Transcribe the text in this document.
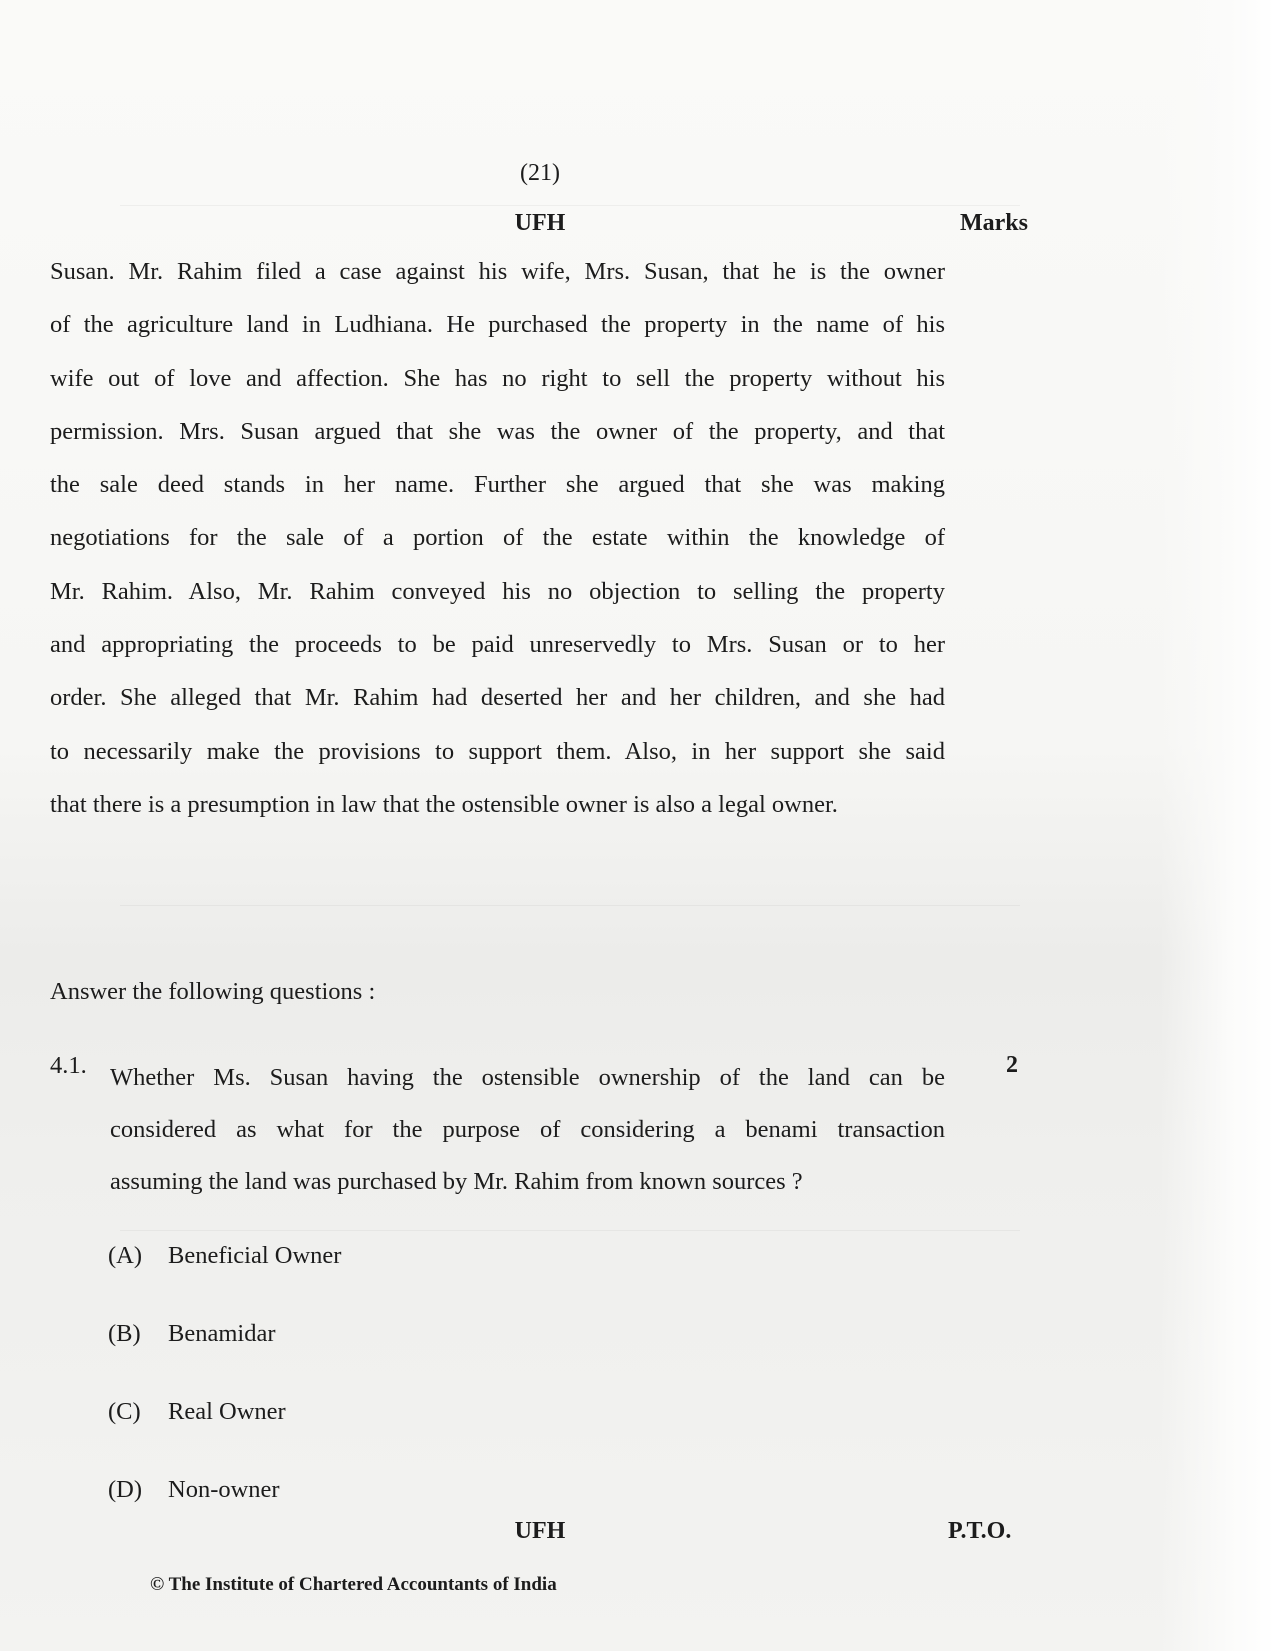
(21)
UFH	Marks
Susan. Mr. Rahim filed a case against his wife, Mrs. Susan, that he is the owner
of the agriculture land in Ludhiana. He purchased the property in the name of his
wife out of love and affection. She has no right to sell the property without his
permission. Mrs. Susan argued that she was the owner of the property, and that
the sale deed stands in her name. Further she argued that she was making
negotiations for the sale of a portion of the estate within the knowledge of
Mr. Rahim. Also, Mr. Rahim conveyed his no objection to selling the property
and appropriating the proceeds to be paid unreservedly to Mrs. Susan or to her
order. She alleged that Mr. Rahim had deserted her and her children, and she had
to necessarily make the provisions to support them. Also, in her support she said
that there is a presumption in law that the ostensible owner is also a legal owner.
Answer the following questions :
4.1. Whether Ms. Susan having the ostensible ownership of the land can be
considered as what for the purpose of considering a benami transaction
assuming the land was purchased by Mr. Rahim from known sources ?
2
(A) Beneficial Owner
(B) Benamidar
(C) Real Owner
(D) Non-owner
UFH	P.T.O.
© The Institute of Chartered Accountants of India
